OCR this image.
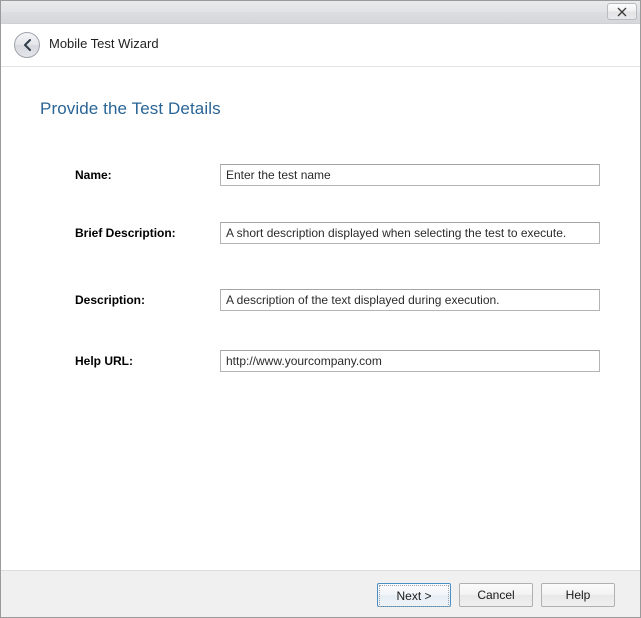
Mobile Test Wizard
Provide the Test Details
Name:
Enter the test name
Brief Description:
A short description displayed when selecting the test to execute.
Description:
A description of the text displayed during execution.
Help URL:
http://www.yourcompany.com
Next >	Cancel	Help
